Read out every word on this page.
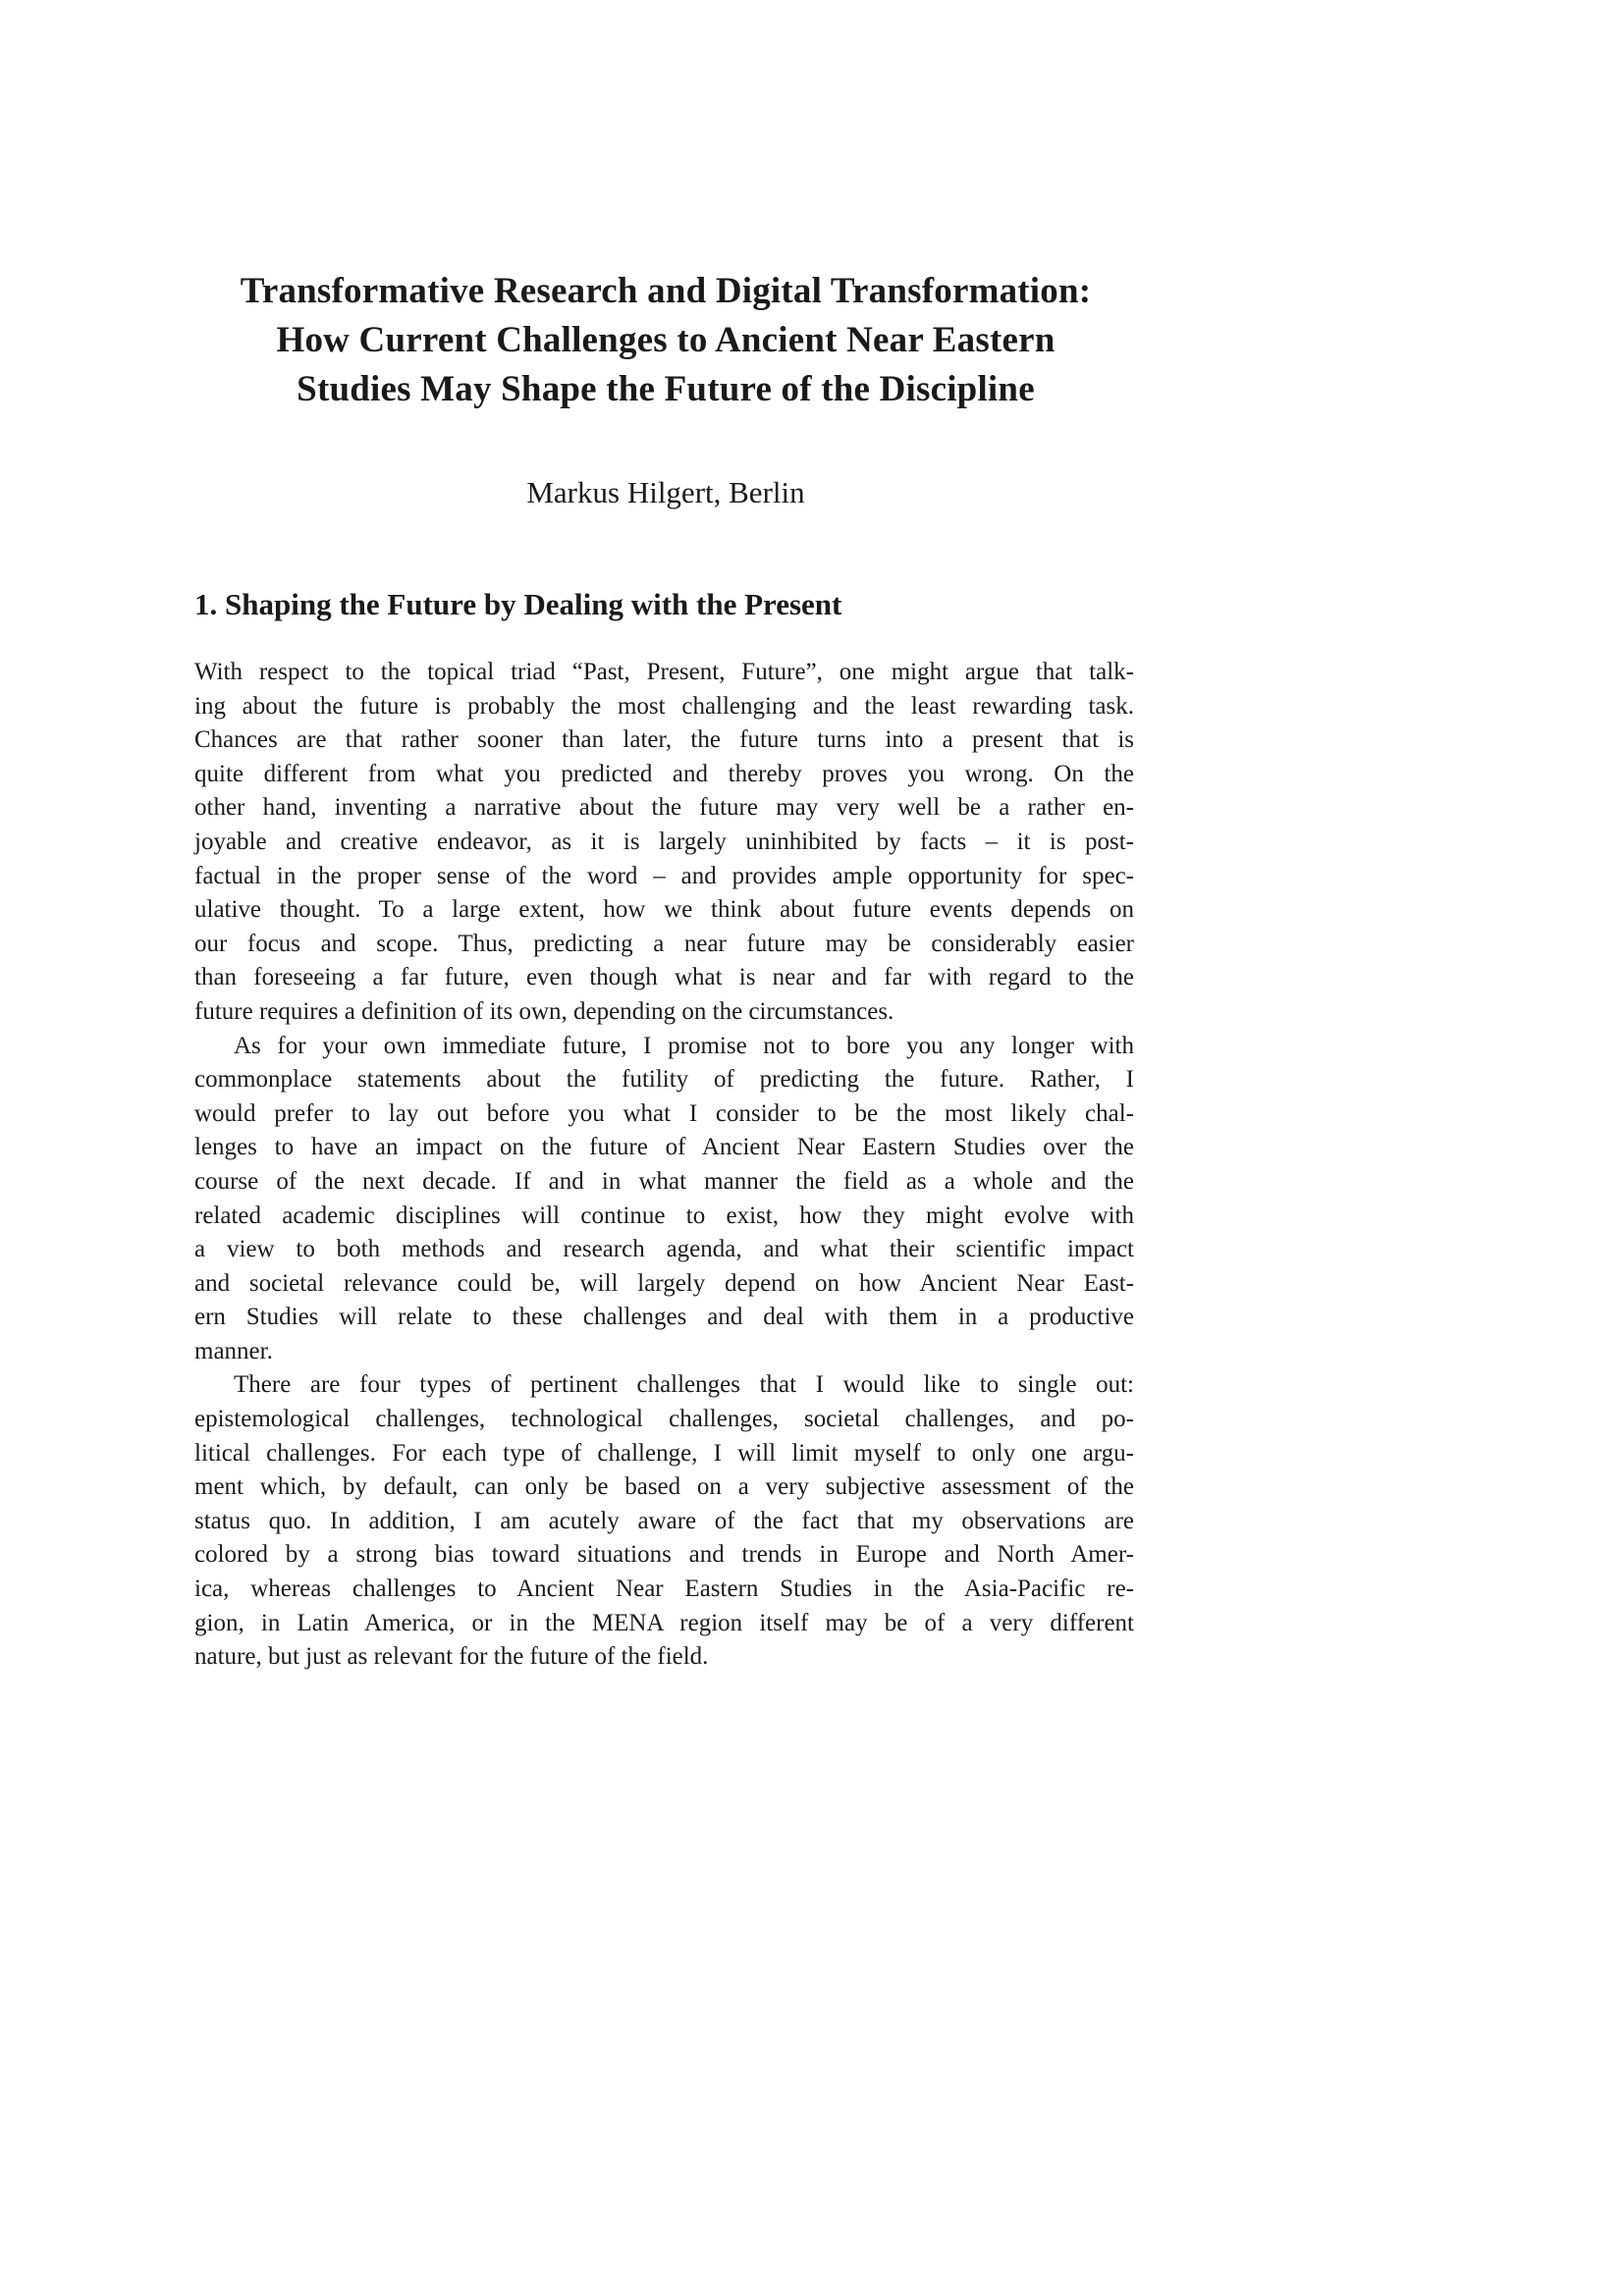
Transformative Research and Digital Transformation:
How Current Challenges to Ancient Near Eastern
Studies May Shape the Future of the Discipline
Markus Hilgert, Berlin
1. Shaping the Future by Dealing with the Present
With respect to the topical triad “Past, Present, Future”, one might argue that talk-
ing about the future is probably the most challenging and the least rewarding task.
Chances are that rather sooner than later, the future turns into a present that is
quite different from what you predicted and thereby proves you wrong. On the
other hand, inventing a narrative about the future may very well be a rather en-
joyable and creative endeavor, as it is largely uninhibited by facts – it is post-
factual in the proper sense of the word – and provides ample opportunity for spec-
ulative thought. To a large extent, how we think about future events depends on
our focus and scope. Thus, predicting a near future may be considerably easier
than foreseeing a far future, even though what is near and far with regard to the
future requires a definition of its own, depending on the circumstances.
As for your own immediate future, I promise not to bore you any longer with
commonplace statements about the futility of predicting the future. Rather, I
would prefer to lay out before you what I consider to be the most likely chal-
lenges to have an impact on the future of Ancient Near Eastern Studies over the
course of the next decade. If and in what manner the field as a whole and the
related academic disciplines will continue to exist, how they might evolve with
a view to both methods and research agenda, and what their scientific impact
and societal relevance could be, will largely depend on how Ancient Near East-
ern Studies will relate to these challenges and deal with them in a productive
manner.
There are four types of pertinent challenges that I would like to single out:
epistemological challenges, technological challenges, societal challenges, and po-
litical challenges. For each type of challenge, I will limit myself to only one argu-
ment which, by default, can only be based on a very subjective assessment of the
status quo. In addition, I am acutely aware of the fact that my observations are
colored by a strong bias toward situations and trends in Europe and North Amer-
ica, whereas challenges to Ancient Near Eastern Studies in the Asia-Pacific re-
gion, in Latin America, or in the MENA region itself may be of a very different
nature, but just as relevant for the future of the field.
